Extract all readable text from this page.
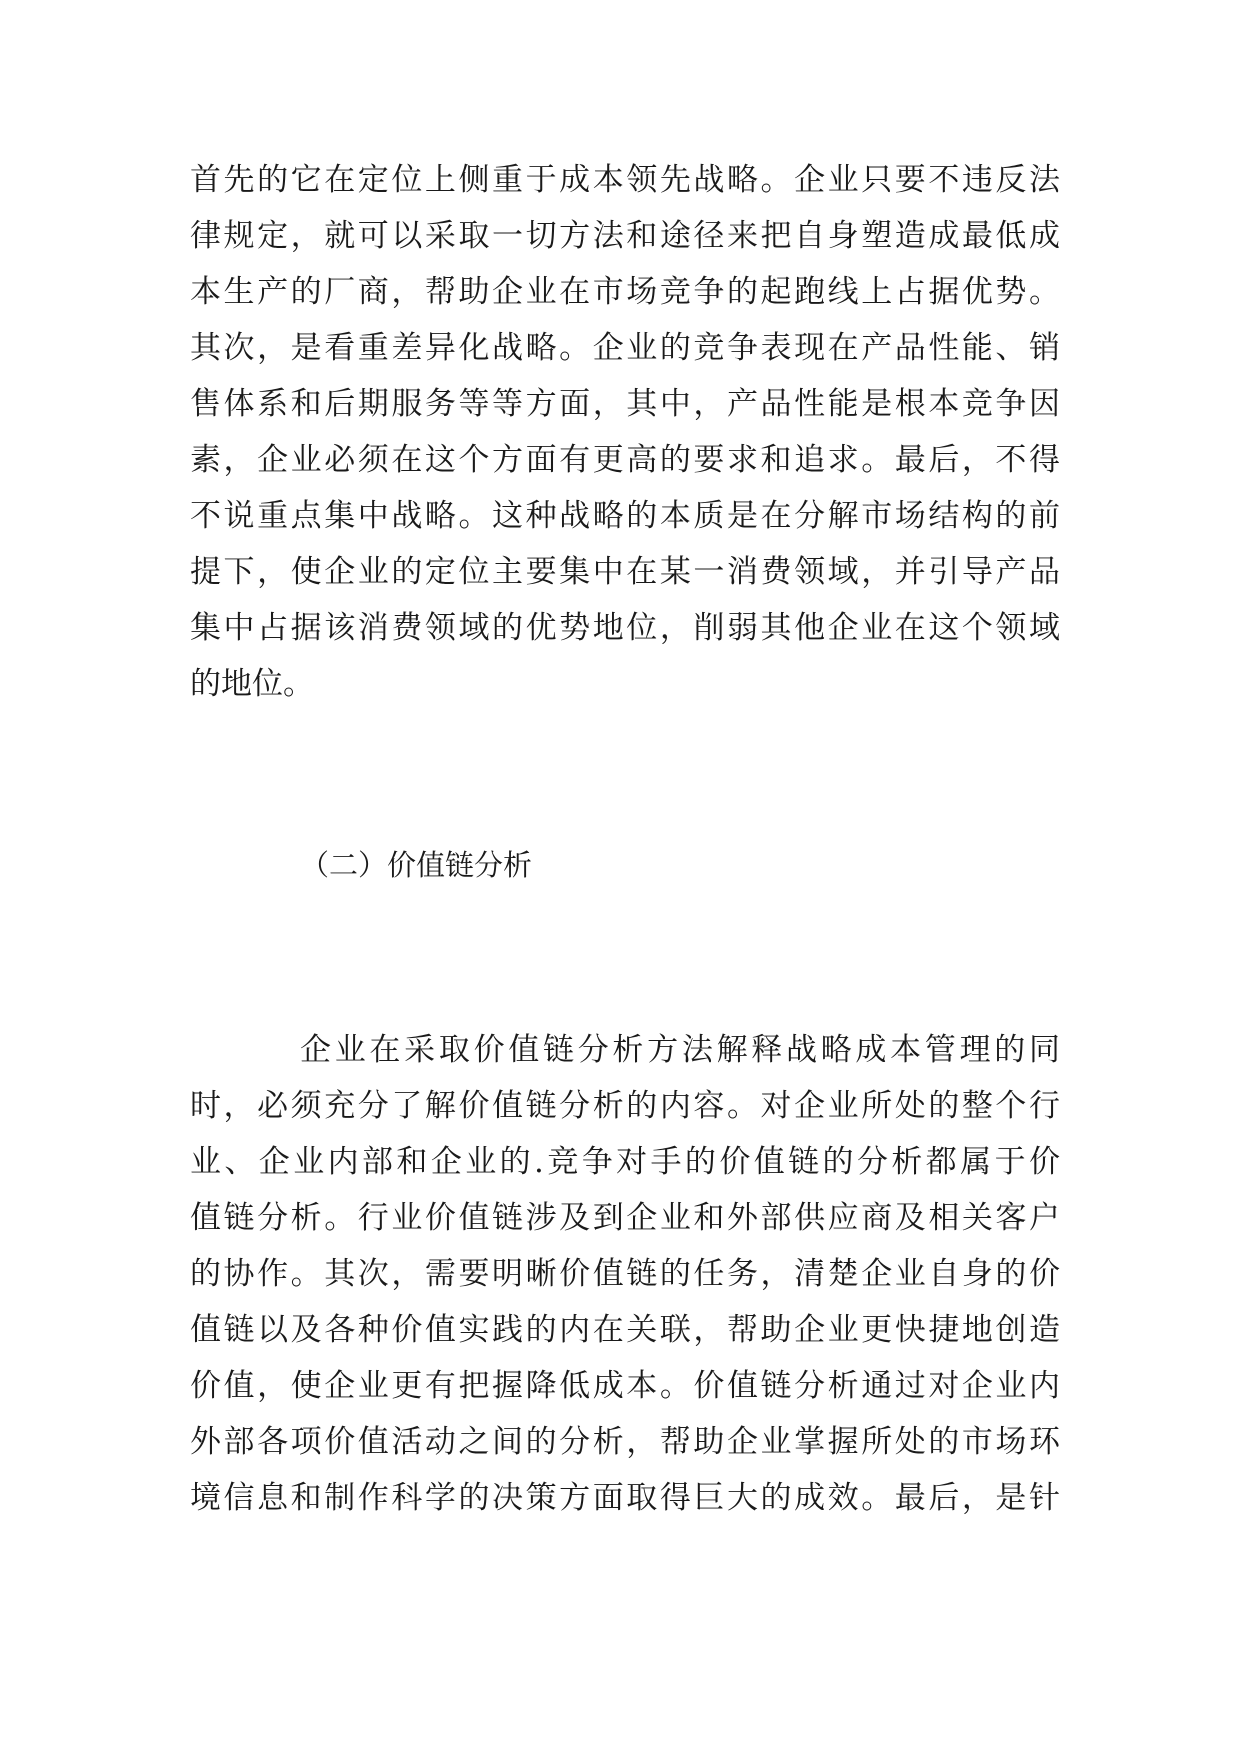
首先的它在定位上侧重于成本领先战略。企业只要不违反法
律规定，就可以采取一切方法和途径来把自身塑造成最低成
本生产的厂商，帮助企业在市场竞争的起跑线上占据优势。
其次，是看重差异化战略。企业的竞争表现在产品性能、销
售体系和后期服务等等方面，其中，产品性能是根本竞争因
素，企业必须在这个方面有更高的要求和追求。最后，不得
不说重点集中战略。这种战略的本质是在分解市场结构的前
提下，使企业的定位主要集中在某一消费领域，并引导产品
集中占据该消费领域的优势地位，削弱其他企业在这个领域
的地位。
（二）价值链分析
企业在采取价值链分析方法解释战略成本管理的同
时，必须充分了解价值链分析的内容。对企业所处的整个行
业、企业内部和企业的.竞争对手的价值链的分析都属于价
值链分析。行业价值链涉及到企业和外部供应商及相关客户
的协作。其次，需要明晰价值链的任务，清楚企业自身的价
值链以及各种价值实践的内在关联，帮助企业更快捷地创造
价值，使企业更有把握降低成本。价值链分析通过对企业内
外部各项价值活动之间的分析，帮助企业掌握所处的市场环
境信息和制作科学的决策方面取得巨大的成效。最后，是针
